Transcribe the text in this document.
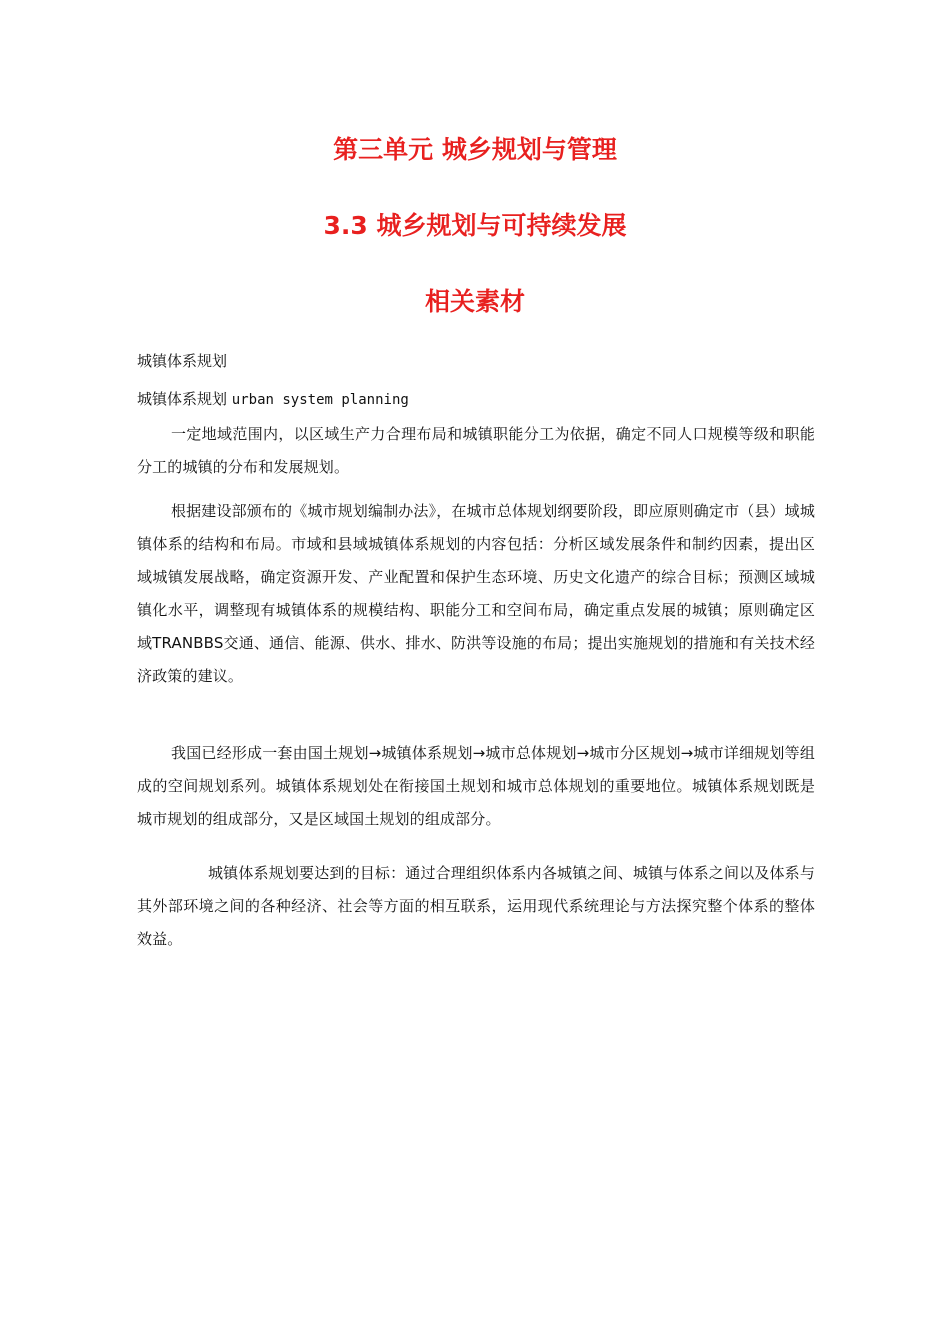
第三单元 城乡规划与管理
3.3 城乡规划与可持续发展
相关素材

城镇体系规划

城镇体系规划 urban system planning

一定地域范围内，以区域生产力合理布局和城镇职能分工为依据，确定不同人口规模等级和职能分工的城镇的分布和发展规划。

根据建设部颁布的《城市规划编制办法》，在城市总体规划纲要阶段，即应原则确定市（县）域城镇体系的结构和布局。市域和县域城镇体系规划的内容包括：分析区域发展条件和制约因素，提出区域城镇发展战略，确定资源开发、产业配置和保护生态环境、历史文化遗产的综合目标；预测区域城镇化水平，调整现有城镇体系的规模结构、职能分工和空间布局，确定重点发展的城镇；原则确定区域TRANBBS交通、通信、能源、供水、排水、防洪等设施的布局；提出实施规划的措施和有关技术经济政策的建议。

我国已经形成一套由国土规划→城镇体系规划→城市总体规划→城市分区规划→城市详细规划等组成的空间规划系列。城镇体系规划处在衔接国土规划和城市总体规划的重要地位。城镇体系规划既是城市规划的组成部分，又是区域国土规划的组成部分。

城镇体系规划要达到的目标：通过合理组织体系内各城镇之间、城镇与体系之间以及体系与其外部环境之间的各种经济、社会等方面的相互联系，运用现代系统理论与方法探究整个体系的整体效益。
